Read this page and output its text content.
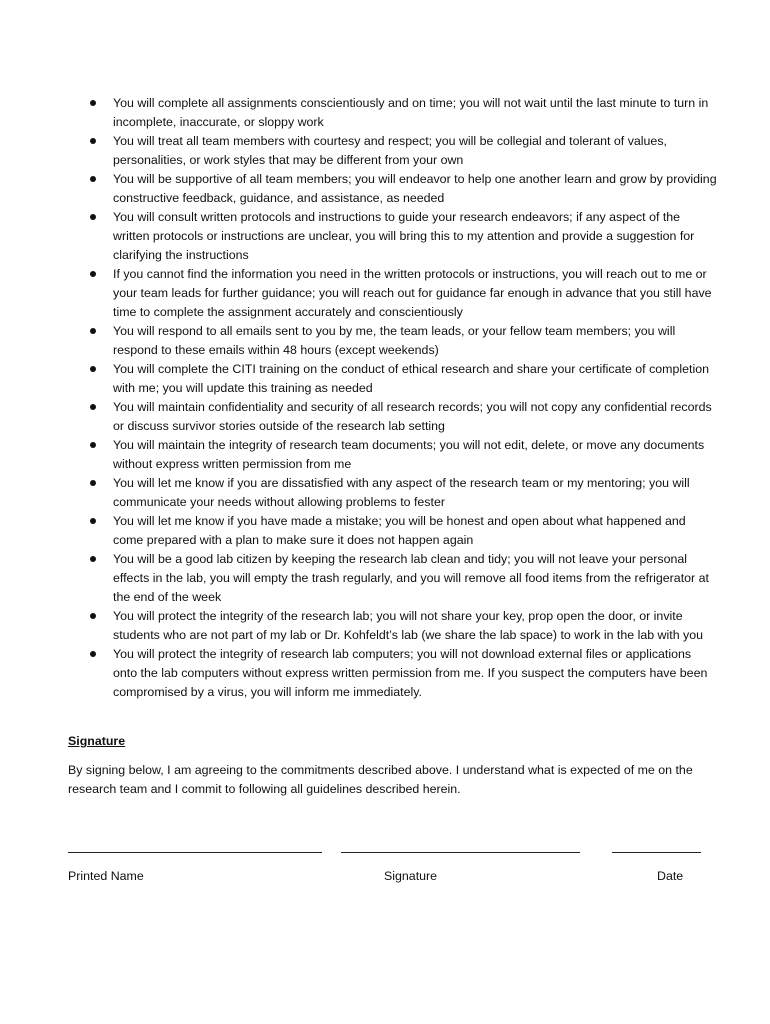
You will complete all assignments conscientiously and on time; you will not wait until the last minute to turn in incomplete, inaccurate, or sloppy work
You will treat all team members with courtesy and respect; you will be collegial and tolerant of values, personalities, or work styles that may be different from your own
You will be supportive of all team members; you will endeavor to help one another learn and grow by providing constructive feedback, guidance, and assistance, as needed
You will consult written protocols and instructions to guide your research endeavors; if any aspect of the written protocols or instructions are unclear, you will bring this to my attention and provide a suggestion for clarifying the instructions
If you cannot find the information you need in the written protocols or instructions, you will reach out to me or your team leads for further guidance; you will reach out for guidance far enough in advance that you still have time to complete the assignment accurately and conscientiously
You will respond to all emails sent to you by me, the team leads, or your fellow team members; you will respond to these emails within 48 hours (except weekends)
You will complete the CITI training on the conduct of ethical research and share your certificate of completion with me; you will update this training as needed
You will maintain confidentiality and security of all research records; you will not copy any confidential records or discuss survivor stories outside of the research lab setting
You will maintain the integrity of research team documents; you will not edit, delete, or move any documents without express written permission from me
You will let me know if you are dissatisfied with any aspect of the research team or my mentoring; you will communicate your needs without allowing problems to fester
You will let me know if you have made a mistake; you will be honest and open about what happened and come prepared with a plan to make sure it does not happen again
You will be a good lab citizen by keeping the research lab clean and tidy; you will not leave your personal effects in the lab, you will empty the trash regularly, and you will remove all food items from the refrigerator at the end of the week
You will protect the integrity of the research lab; you will not share your key, prop open the door, or invite students who are not part of my lab or Dr. Kohfeldt’s lab (we share the lab space) to work in the lab with you
You will protect the integrity of research lab computers; you will not download external files or applications onto the lab computers without express written permission from me. If you suspect the computers have been compromised by a virus, you will inform me immediately.
Signature
By signing below, I am agreeing to the commitments described above. I understand what is expected of me on the research team and I commit to following all guidelines described herein.
Printed Name	Signature	Date
